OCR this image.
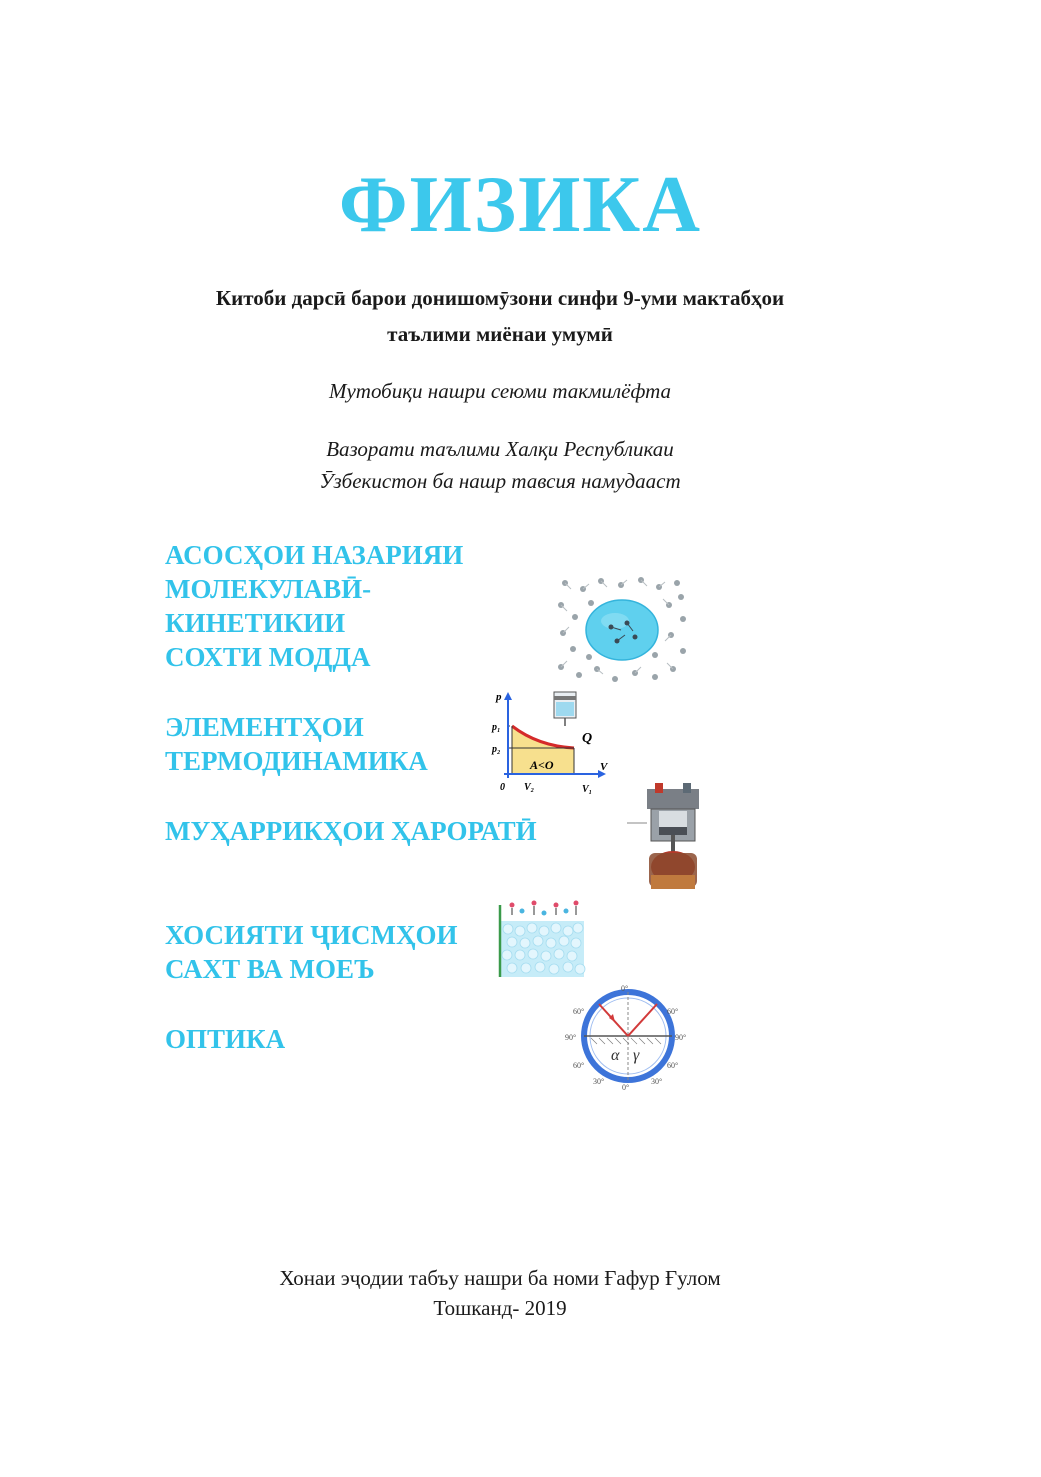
ФИЗИКА
Китоби дарсӣ барои донишомӯзони синфи 9-уми мактабҳои
таълими миёнаи умумӣ
Мутобиқи нашри сеюми такмилёфта
Вазорати таълими Халқи Республикаи
Ӯзбекистон ба нашр тавсия намудааст
АСОСҲОИ НАЗАРИЯИ
МОЛЕКУЛАВӢ-
КИНЕТИКИИ
СОХТИ МОДДА
ЭЛЕМЕНТҲОИ
ТЕРМОДИНАМИКА
МУҲАРРИКҲОИ ҲАРОРАТӢ
ХОСИЯТИ ҶИСМҲОИ
САХТ ВА МОЕЪ
ОПТИКА
p
V
p₁
p₂
0 V₂	V₁
Q
A<O
α γ
0°
0°
90°	90°
60°	60°
60°	60°
30°	30°
Хонаи эҷодии табъу нашри ба номи Ғафур Ғулом
Тошканд- 2019
